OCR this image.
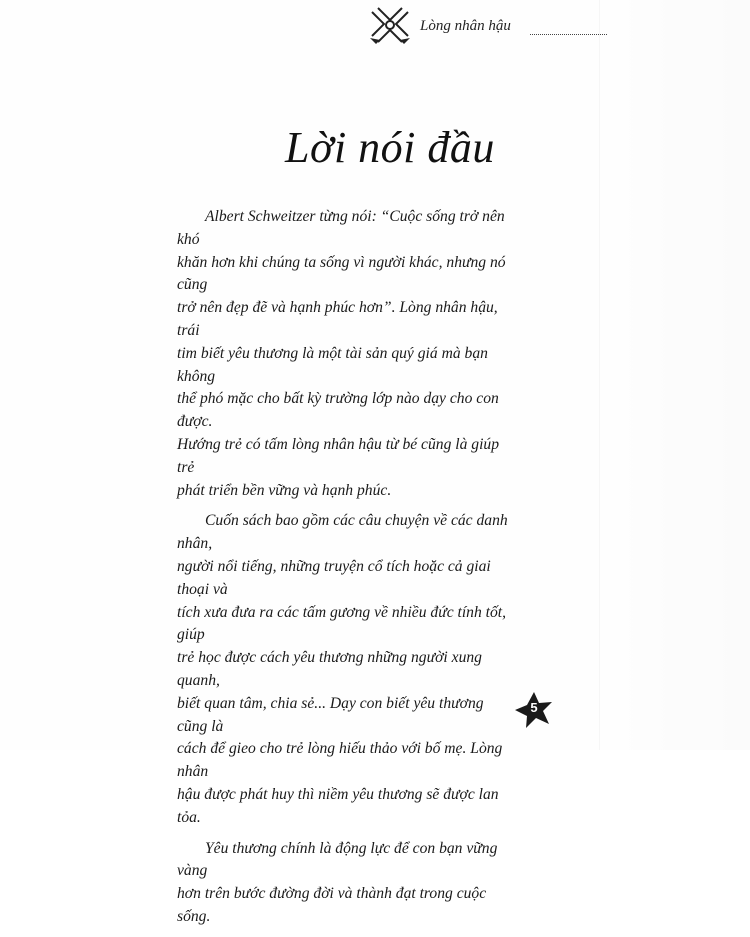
Lòng nhân hậu
Lời nói đầu

Albert Schweitzer từng nói: “Cuộc sống trở nên khó
khăn hơn khi chúng ta sống vì người khác, nhưng nó cũng
trở nên đẹp đẽ và hạnh phúc hơn”. Lòng nhân hậu, trái
tim biết yêu thương là một tài sản quý giá mà bạn không
thể phó mặc cho bất kỳ trường lớp nào dạy cho con được.
Hướng trẻ có tấm lòng nhân hậu từ bé cũng là giúp trẻ
phát triển bền vững và hạnh phúc.

Cuốn sách bao gồm các câu chuyện về các danh nhân,
người nổi tiếng, những truyện cổ tích hoặc cả giai thoại và
tích xưa đưa ra các tấm gương về nhiều đức tính tốt, giúp
trẻ học được cách yêu thương những người xung quanh,
biết quan tâm, chia sẻ... Dạy con biết yêu thương cũng là
cách để gieo cho trẻ lòng hiếu thảo với bố mẹ. Lòng nhân
hậu được phát huy thì niềm yêu thương sẽ được lan tỏa.

Yêu thương chính là động lực để con bạn vững vàng
hơn trên bước đường đời và thành đạt trong cuộc sống.

5
